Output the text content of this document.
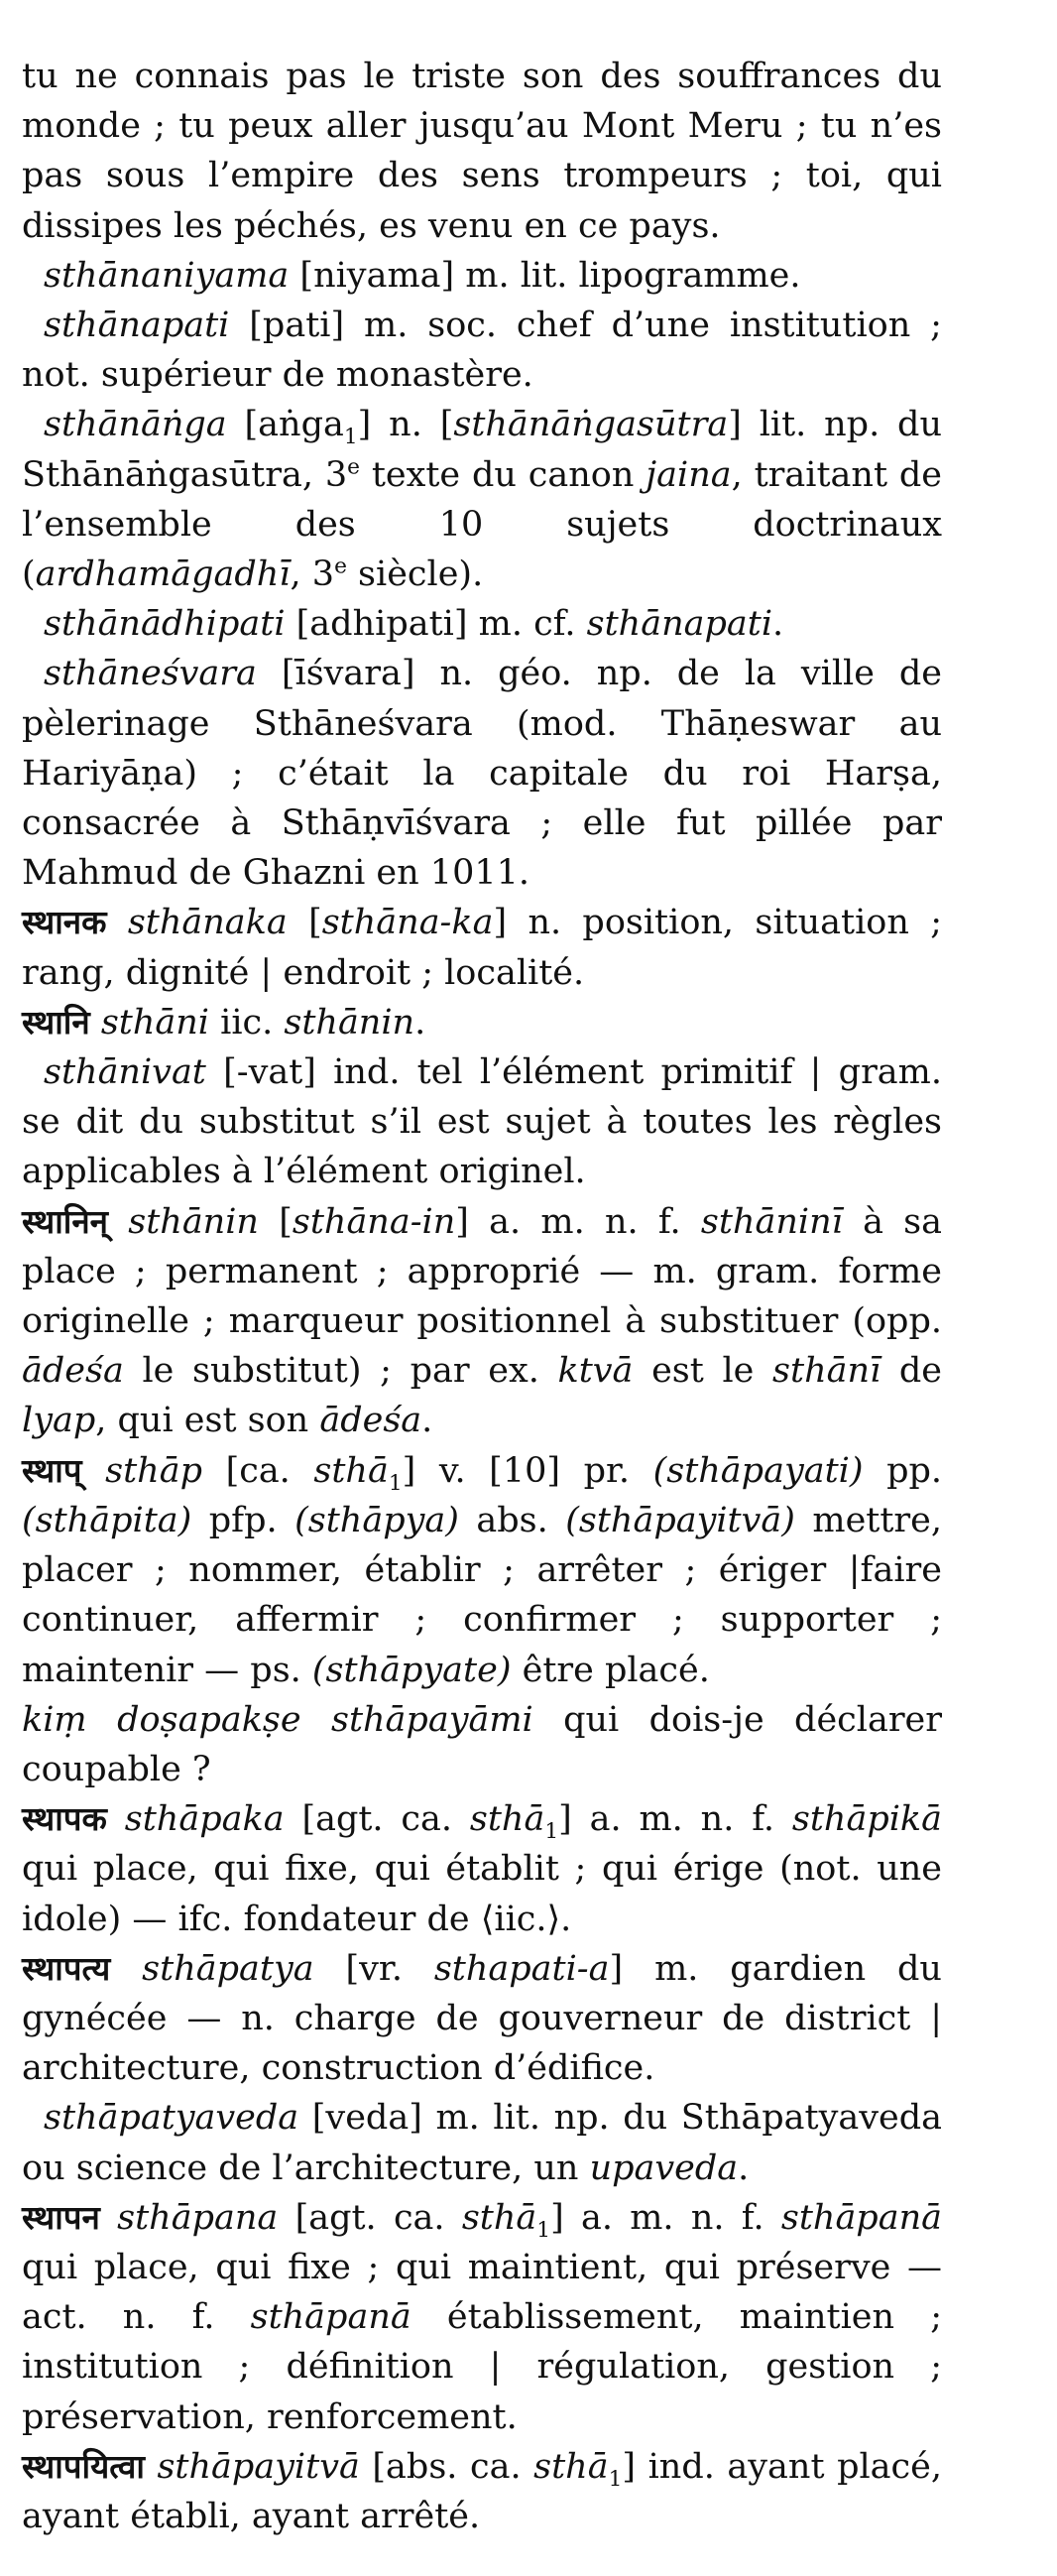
tu ne connais pas le triste son des souffrances du monde ; tu peux aller jusqu’au Mont Meru ; tu n’es pas sous l’empire des sens trompeurs ; toi, qui dissipes les péchés, es venu en ce pays.

sthānaniyama [niyama] m. lit. lipogramme.

sthānapati [pati] m. soc. chef d’une institution ; not. supérieur de monastère.

sthānāṅga [aṅga$_1$] n. [sthānāṅgasūtra] lit. np. du Sthānāṅgasūtra, 3e texte du canon jaina, traitant de l’ensemble des 10 sujets doctrinaux (ardhamāgadhī, 3e siècle).

sthānādhipati [adhipati] m. cf. sthānapati.

sthāneśvara [īśvara] n. géo. np. de la ville de pèlerinage Sthāneśvara (mod. Thāṇeswar au Hariyāṇa) ; c’était la capitale du roi Harṣa, consacrée à Sthāṇvīśvara ; elle fut pillée par Mahmud de Ghazni en 1011.

स्थानक sthānaka [sthāna-ka] n. position, situation ; rang, dignité | endroit ; localité.

स्थानि sthāni iic. sthānin.

sthānivat [-vat] ind. tel l’élément primitif | gram. se dit du substitut s’il est sujet à toutes les règles applicables à l’élément originel.

स्थानिन् sthānin [sthāna-in] a. m. n. f. sthāninī à sa place ; permanent ; approprié — m. gram. forme originelle ; marqueur positionnel à substituer (opp. ādeśa le substitut) ; par ex. ktvā est le sthānī de lyap, qui est son ādeśa.

स्थाप् sthāp [ca. sthā$_1$] v. [10] pr. (sthāpayati) pp. (sthāpita) pfp. (sthāpya) abs. (sthāpayitvā) mettre, placer ; nommer, établir ; arrêter ; ériger |faire continuer, affermir ; confirmer ; supporter ; maintenir — ps. (sthāpyate) être placé.

kiṃ doṣapakṣe sthāpayāmi qui dois-je déclarer coupable ?

स्थापक sthāpaka [agt. ca. sthā$_1$] a. m. n. f. sthāpikā qui place, qui fixe, qui établit ; qui érige (not. une idole) — ifc. fondateur de ⟨iic.⟩.

स्थापत्य sthāpatya [vr. sthapati-a] m. gardien du gynécée — n. charge de gouverneur de district | architecture, construction d’édifice.

sthāpatyaveda [veda] m. lit. np. du Sthāpatyaveda ou science de l’architecture, un upaveda.

स्थापन sthāpana [agt. ca. sthā$_1$] a. m. n. f. sthāpanā qui place, qui fixe ; qui maintient, qui préserve — act. n. f. sthāpanā établissement, maintien ; institution ; définition | régulation, gestion ; préservation, renforcement.

स्थापयित्वा sthāpayitvā [abs. ca. sthā$_1$] ind. ayant placé, ayant établi, ayant arrêté.
